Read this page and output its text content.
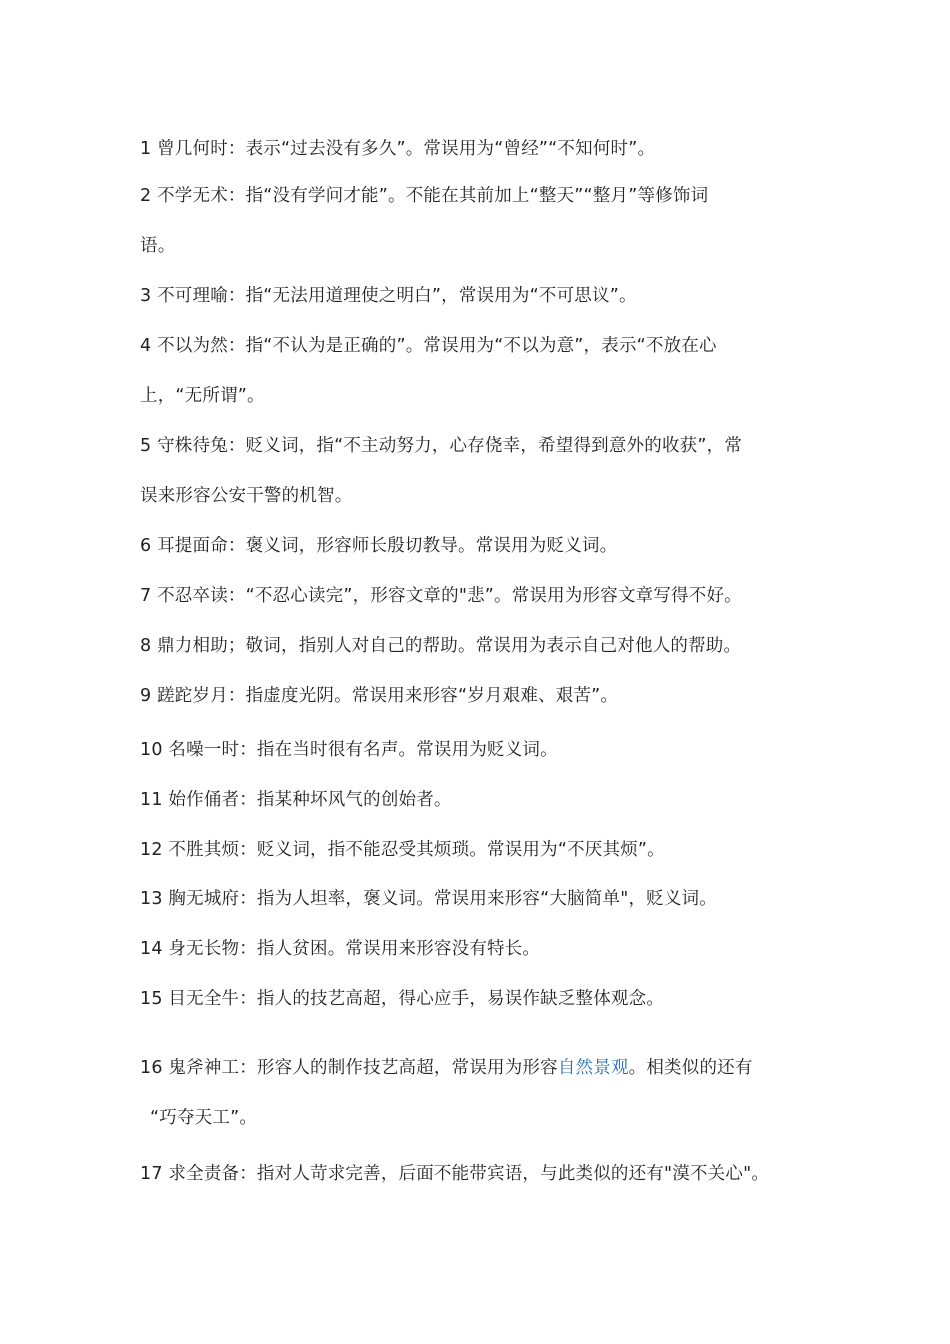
1 曾几何时：表示“过去没有多久”。常误用为“曾经”“不知何时”。
2 不学无术：指“没有学问才能”。不能在其前加上“整天”“整月”等修饰词
语。
3 不可理喻：指“无法用道理使之明白”，常误用为“不可思议”。
4 不以为然：指“不认为是正确的”。常误用为“不以为意”，表示“不放在心
上，“无所谓”。
5 守株待兔：贬义词，指“不主动努力，心存侥幸，希望得到意外的收获”，常
误来形容公安干警的机智。
6 耳提面命：褒义词，形容师长殷切教导。常误用为贬义词。
7 不忍卒读：“不忍心读完”，形容文章的"悲”。常误用为形容文章写得不好。
8 鼎力相助；敬词，指别人对自己的帮助。常误用为表示自己对他人的帮助。
9 蹉跎岁月：指虚度光阴。常误用来形容“岁月艰难、艰苦”。
10 名噪一时：指在当时很有名声。常误用为贬义词。
11 始作俑者：指某种坏风气的创始者。
12 不胜其烦：贬义词，指不能忍受其烦琐。常误用为“不厌其烦”。
13 胸无城府：指为人坦率，褒义词。常误用来形容“大脑简单"，贬义词。
14 身无长物：指人贫困。常误用来形容没有特长。
15 目无全牛：指人的技艺高超，得心应手，易误作缺乏整体观念。
16 鬼斧神工：形容人的制作技艺高超，常误用为形容自然景观。相类似的还有
“巧夺天工”。
17 求全责备：指对人苛求完善，后面不能带宾语，与此类似的还有"漠不关心"。
